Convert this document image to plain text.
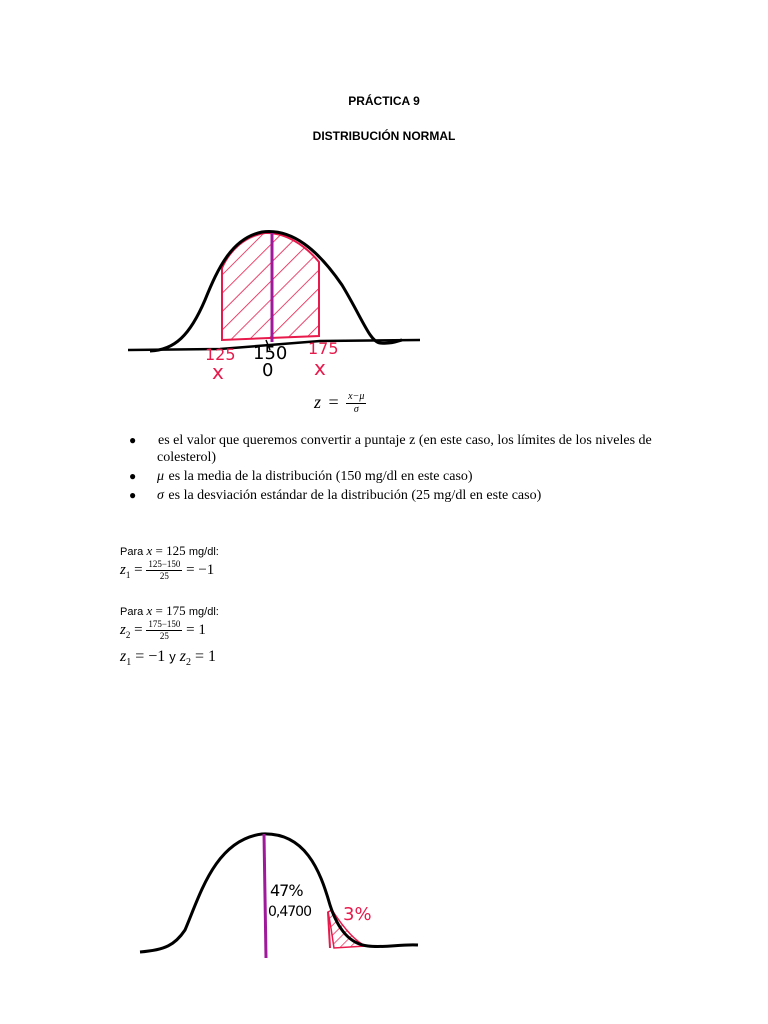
PRÁCTICA 9
DISTRIBUCIÓN NORMAL
125 150 175
x 0 x
$z = \frac{x-\mu}{\sigma}$
● es el valor que queremos convertir a puntaje z (en este caso, los límites de los niveles de colesterol)
● μ es la media de la distribución (150 mg/dl en este caso)
● σ es la desviación estándar de la distribución (25 mg/dl en este caso)
Para x = 125 mg/dl:
$z_1 = \frac{125-150}{25} = -1$
Para x = 175 mg/dl:
$z_2 = \frac{175-150}{25} = 1$
$z_1 = -1$ y $z_2 = 1$
47%
0,4700 3%
